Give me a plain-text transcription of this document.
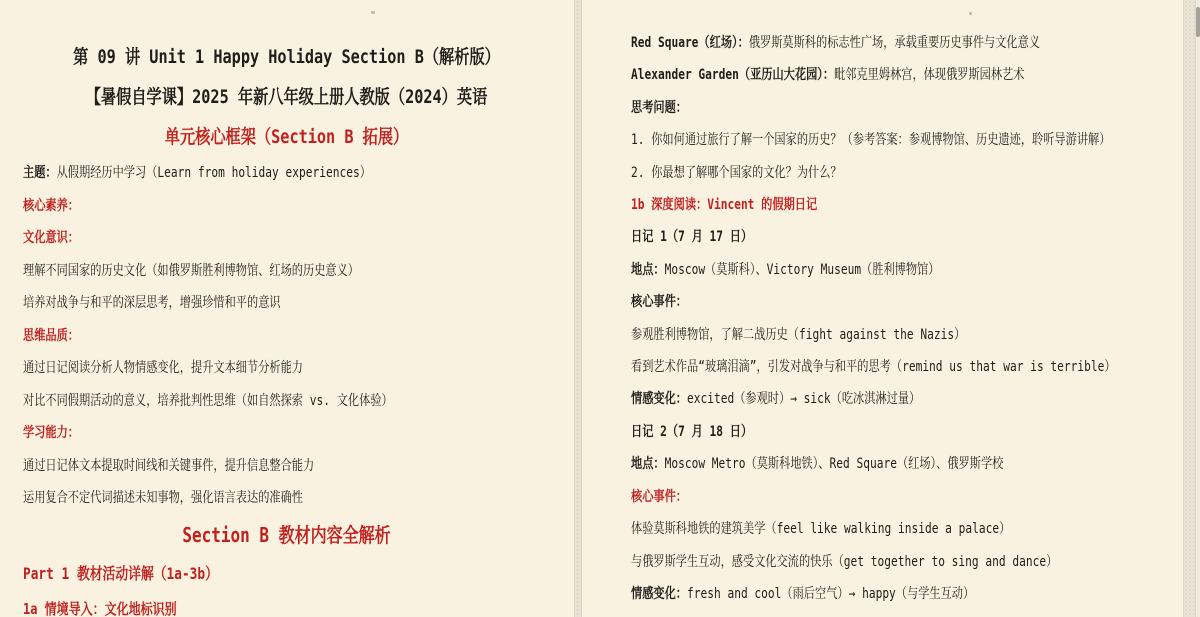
第 09 讲 Unit 1 Happy Holiday Section B（解析版）
【暑假自学课】2025 年新八年级上册人教版（2024）英语
单元核心框架（Section B 拓展）
主题：从假期经历中学习（Learn from holiday experiences）
核心素养：
文化意识：
理解不同国家的历史文化（如俄罗斯胜利博物馆、红场的历史意义）
培养对战争与和平的深层思考，增强珍惜和平的意识
思维品质：
通过日记阅读分析人物情感变化，提升文本细节分析能力
对比不同假期活动的意义，培养批判性思维（如自然探索 vs. 文化体验）
学习能力：
通过日记体文本提取时间线和关键事件，提升信息整合能力
运用复合不定代词描述未知事物，强化语言表达的准确性
Section B 教材内容全解析
Part 1 教材活动详解（1a-3b）
1a 情境导入：文化地标识别
Red Square（红场）：俄罗斯莫斯科的标志性广场，承载重要历史事件与文化意义
Alexander Garden（亚历山大花园）：毗邻克里姆林宫，体现俄罗斯园林艺术
思考问题：
1. 你如何通过旅行了解一个国家的历史？（参考答案：参观博物馆、历史遗迹，聆听导游讲解）
2. 你最想了解哪个国家的文化？为什么？
1b 深度阅读：Vincent 的假期日记
日记 1（7 月 17 日）
地点：Moscow（莫斯科）、Victory Museum（胜利博物馆）
核心事件：
参观胜利博物馆，了解二战历史（fight against the Nazis）
看到艺术作品“玻璃泪滴”，引发对战争与和平的思考（remind us that war is terrible）
情感变化：excited（参观时）→ sick（吃冰淇淋过量）
日记 2（7 月 18 日）
地点：Moscow Metro（莫斯科地铁）、Red Square（红场）、俄罗斯学校
核心事件：
体验莫斯科地铁的建筑美学（feel like walking inside a palace）
与俄罗斯学生互动，感受文化交流的快乐（get together to sing and dance）
情感变化：fresh and cool（雨后空气）→ happy（与学生互动）
